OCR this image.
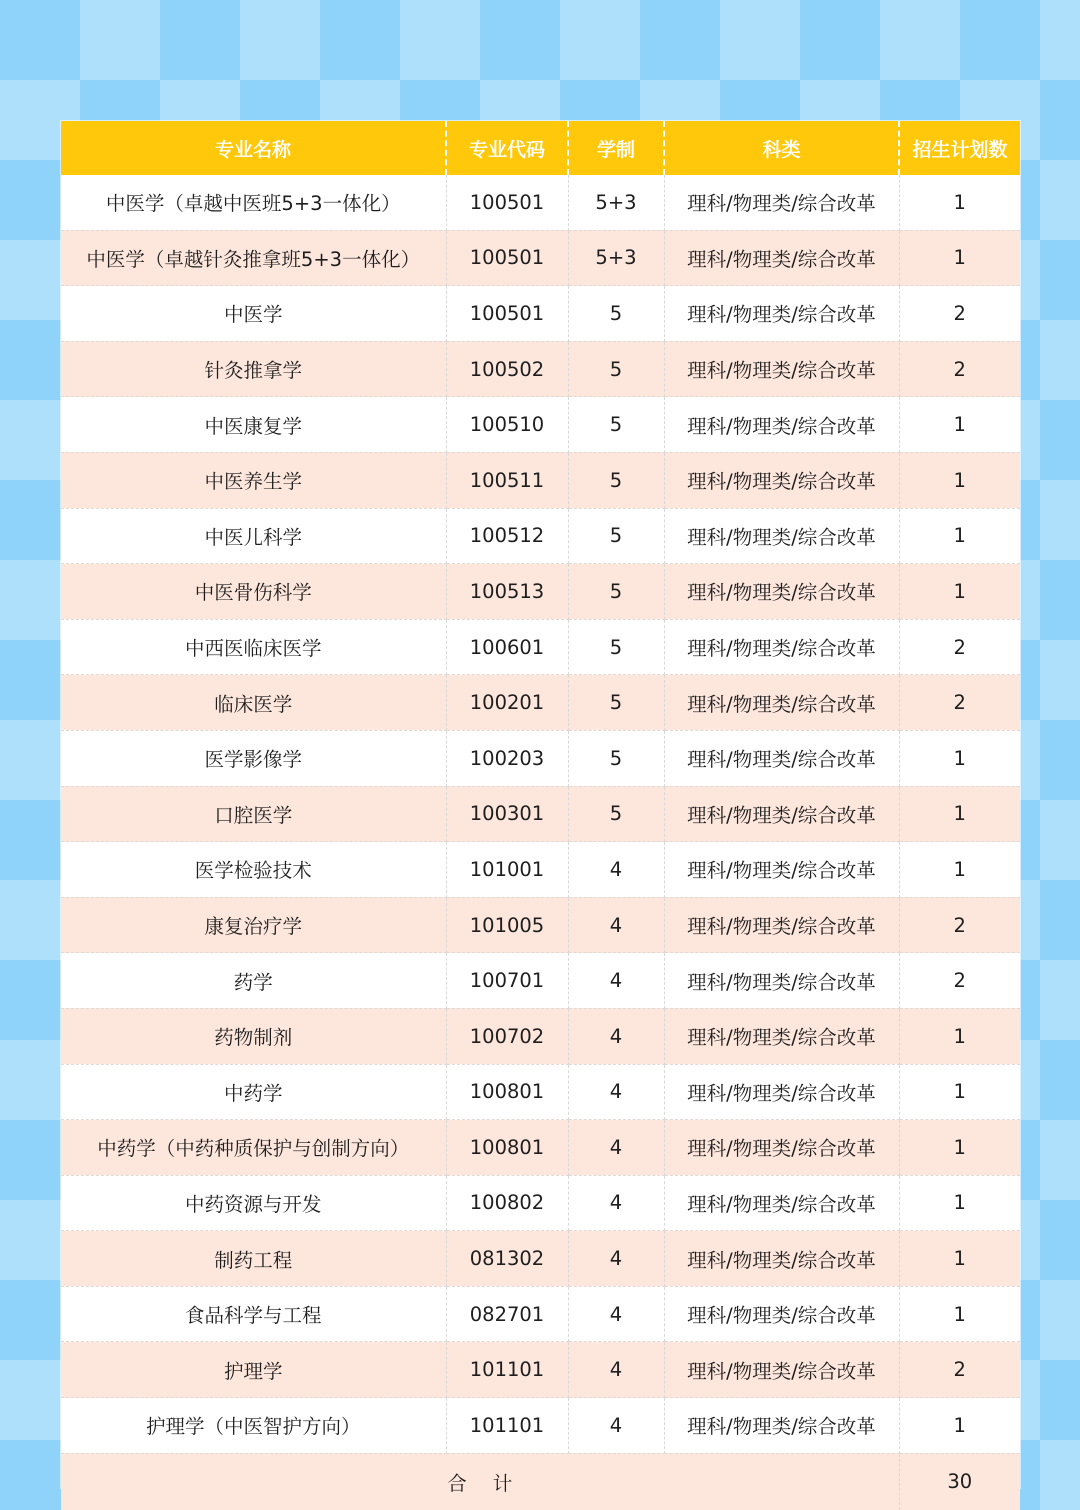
专业名称	专业代码	学制	科类	招生计划数
中医学（卓越中医班5+3一体化）	100501	5+3	理科/物理类/综合改革	1
中医学（卓越针灸推拿班5+3一体化）	100501	5+3	理科/物理类/综合改革	1
中医学	100501	5	理科/物理类/综合改革	2
针灸推拿学	100502	5	理科/物理类/综合改革	2
中医康复学	100510	5	理科/物理类/综合改革	1
中医养生学	100511	5	理科/物理类/综合改革	1
中医儿科学	100512	5	理科/物理类/综合改革	1
中医骨伤科学	100513	5	理科/物理类/综合改革	1
中西医临床医学	100601	5	理科/物理类/综合改革	2
临床医学	100201	5	理科/物理类/综合改革	2
医学影像学	100203	5	理科/物理类/综合改革	1
口腔医学	100301	5	理科/物理类/综合改革	1
医学检验技术	101001	4	理科/物理类/综合改革	1
康复治疗学	101005	4	理科/物理类/综合改革	2
药学	100701	4	理科/物理类/综合改革	2
药物制剂	100702	4	理科/物理类/综合改革	1
中药学	100801	4	理科/物理类/综合改革	1
中药学（中药种质保护与创制方向）	100801	4	理科/物理类/综合改革	1
中药资源与开发	100802	4	理科/物理类/综合改革	1
制药工程	081302	4	理科/物理类/综合改革	1
食品科学与工程	082701	4	理科/物理类/综合改革	1
护理学	101101	4	理科/物理类/综合改革	2
护理学（中医智护方向）	101101	4	理科/物理类/综合改革	1
合计				30
